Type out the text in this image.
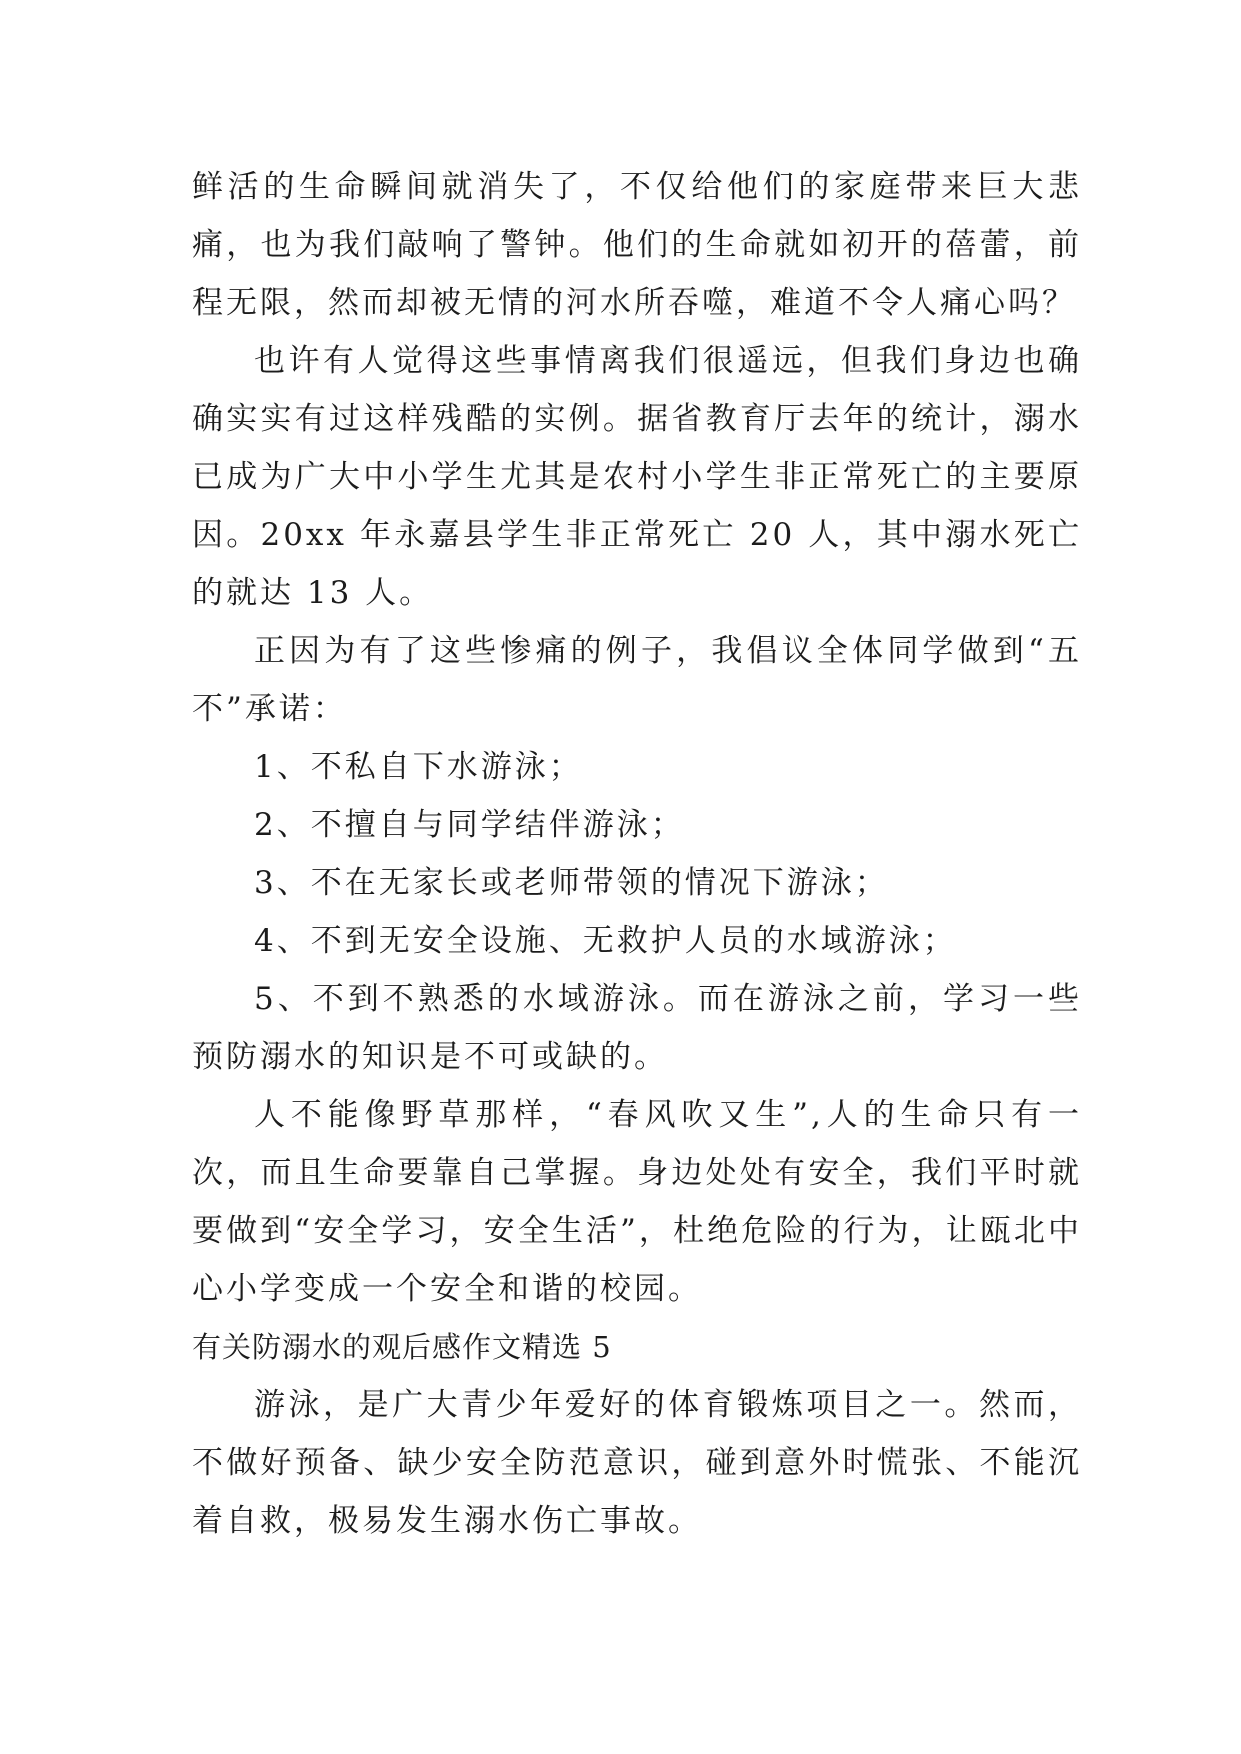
鲜活的生命瞬间就消失了，不仅给他们的家庭带来巨大悲痛，也为我们敲响了警钟。他们的生命就如初开的蓓蕾，前程无限，然而却被无情的河水所吞噬，难道不令人痛心吗？

也许有人觉得这些事情离我们很遥远，但我们身边也确确实实有过这样残酷的实例。据省教育厅去年的统计，溺水已成为广大中小学生尤其是农村小学生非正常死亡的主要原因。20xx 年永嘉县学生非正常死亡 20 人，其中溺水死亡的就达 13 人。

正因为有了这些惨痛的例子，我倡议全体同学做到“五不”承诺：

1、不私自下水游泳；

2、不擅自与同学结伴游泳；

3、不在无家长或老师带领的情况下游泳；

4、不到无安全设施、无救护人员的水域游泳；

5、不到不熟悉的水域游泳。而在游泳之前，学习一些预防溺水的知识是不可或缺的。

人不能像野草那样，“春风吹又生”,人的生命只有一次，而且生命要靠自己掌握。身边处处有安全，我们平时就要做到“安全学习，安全生活”，杜绝危险的行为，让瓯北中心小学变成一个安全和谐的校园。

有关防溺水的观后感作文精选 5

游泳，是广大青少年爱好的体育锻炼项目之一。然而，不做好预备、缺少安全防范意识，碰到意外时慌张、不能沉着自救，极易发生溺水伤亡事故。
